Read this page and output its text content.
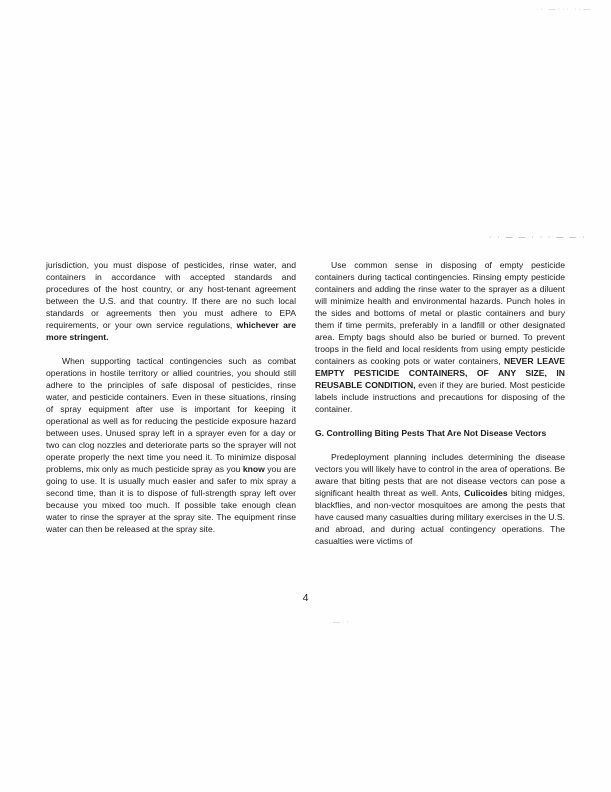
·· —··· ··—
· · — — · · · — — ·
jurisdiction, you must dispose of pesticides, rinse water, and containers in accordance with accepted standards and procedures of the host country, or any host-tenant agreement between the U.S. and that country. If there are no such local standards or agreements then you must adhere to EPA requirements, or your own service regulations, whichever are more stringent.
When supporting tactical contingencies such as combat operations in hostile territory or allied countries, you should still adhere to the principles of safe disposal of pesticides, rinse water, and pesticide containers. Even in these situations, rinsing of spray equipment after use is important for keeping it operational as well as for reducing the pesticide exposure hazard between uses. Unused spray left in a sprayer even for a day or two can clog nozzles and deteriorate parts so the sprayer will not operate properly the next time you need it. To minimize disposal problems, mix only as much pesticide spray as you know you are going to use. It is usually much easier and safer to mix spray a second time, than it is to dispose of full-strength spray left over because you mixed too much. If possible take enough clean water to rinse the sprayer at the spray site. The equipment rinse water can then be released at the spray site.
Use common sense in disposing of empty pesticide containers during tactical contingencies. Rinsing empty pesticide containers and adding the rinse water to the sprayer as a diluent will minimize health and environmental hazards. Punch holes in the sides and bottoms of metal or plastic containers and bury them if time permits, preferably in a landfill or other designated area. Empty bags should also be buried or burned. To prevent troops in the field and local residents from using empty pesticide containers as cooking pots or water containers, NEVER LEAVE EMPTY PESTICIDE CONTAINERS, OF ANY SIZE, IN REUSABLE CONDITION, even if they are buried. Most pesticide labels include instructions and precautions for disposing of the container.
G. Controlling Biting Pests That Are Not Disease Vectors
Predeployment planning includes determining the disease vectors you will likely have to control in the area of operations. Be aware that biting pests that are not disease vectors can pose a significant health threat as well. Ants, Culicoides biting midges, blackflies, and non-vector mosquitoes are among the pests that have caused many casualties during military exercises in the U.S. and abroad, and during actual contingency operations. The casualties were victims of
4
—··
